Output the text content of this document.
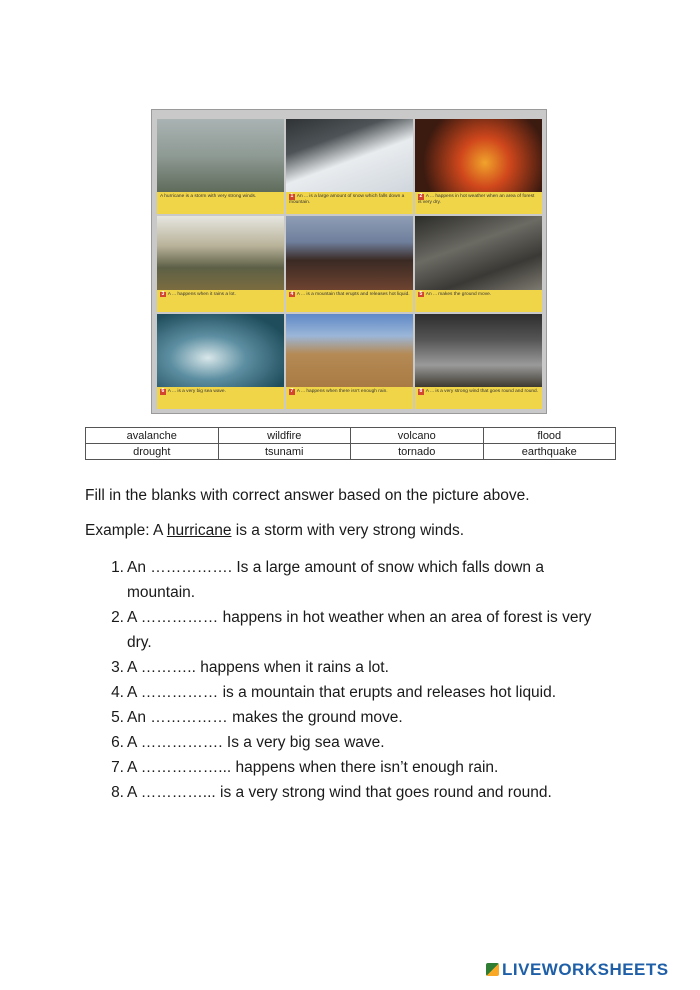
A hurricane is a storm with very strong winds.	1 An ... is a large amount of snow which falls down a mountain.
2 A ... happens in hot weather when an area of forest is very dry.
3 A ... happens when it rains a lot.	4 A ... is a mountain that erupts and releases hot liquid.	5 An ... makes the ground move.
6 A ... is a very big sea wave.	7 A ... happens when there isn't enough rain.	8 A ... is a very strong wind that goes round and round.
avalanche	wildfire	volcano	flood
drought	tsunami	tornado	earthquake
Fill in the blanks with correct answer based on the picture above.
Example: A hurricane is a storm with very strong winds.
1. An ……………. Is a large amount of snow which falls down a mountain.
2. A …………… happens in hot weather when an area of forest is very dry.
3. A ……….. happens when it rains a lot.
4. A …………… is a mountain that erupts and releases hot liquid.
5. An …………… makes the ground move.
6. A ……………. Is a very big sea wave.
7. A ……………... happens when there isn’t enough rain.
8. A …………... is a very strong wind that goes round and round.
LIVEWORKSHEETS
